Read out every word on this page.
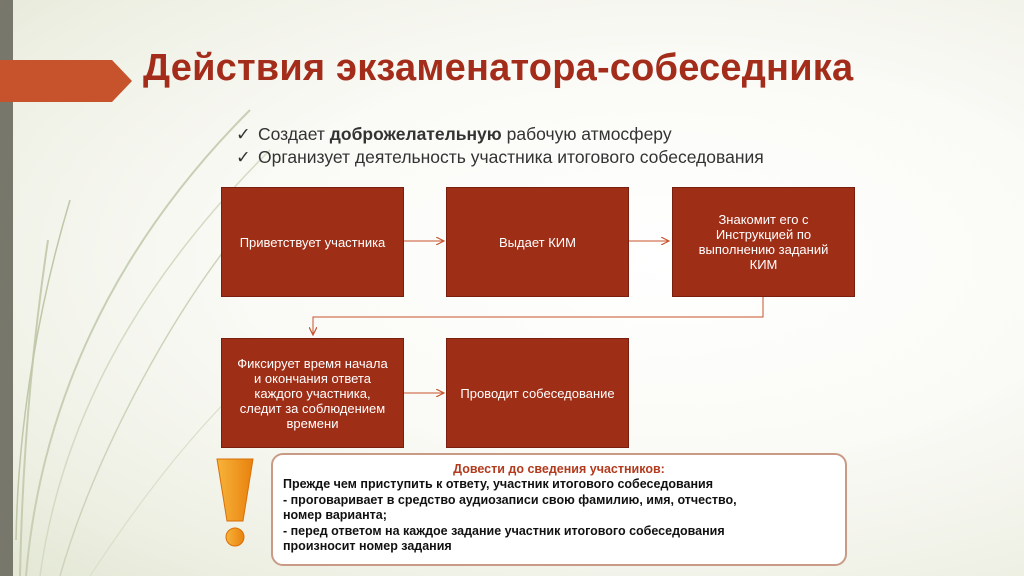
Действия экзаменатора-собеседника
✓ Создает доброжелательную рабочую атмосферу
✓ Организует деятельность участника итогового собеседования
Приветствует участника	Выдает КИМ
Знакомит его с Инструкцией по выполнению заданий КИМ
Фиксирует время начала и окончания ответа каждого участника, следит за соблюдением времени
Проводит собеседование
Довести до сведения участников:
Прежде чем приступить к ответу, участник итогового собеседования
- проговаривает в средство аудиозаписи свою фамилию, имя, отчество,
номер варианта;
- перед ответом на каждое задание участник итогового собеседования
произносит номер задания
